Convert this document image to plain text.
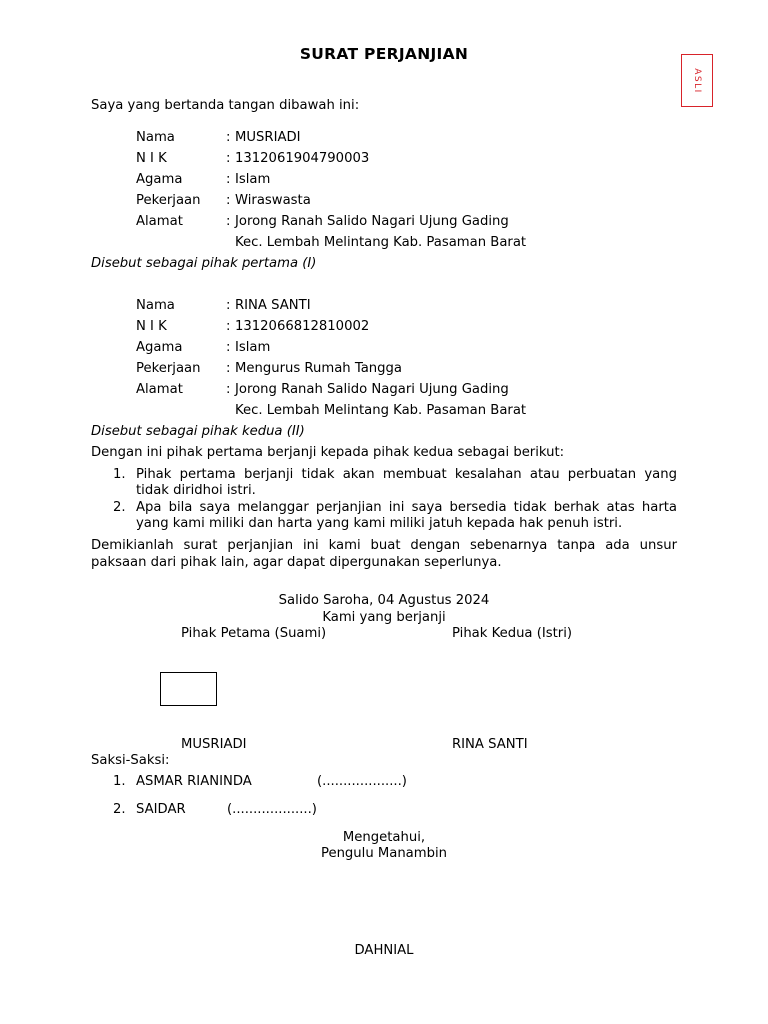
SURAT PERJANJIAN
ASLI
Saya yang bertanda tangan dibawah ini:
Nama	: MUSRIADI
N I K	: 1312061904790003
Agama	: Islam
Pekerjaan : Wiraswasta
Alamat	: Jorong Ranah Salido Nagari Ujung Gading
Kec. Lembah Melintang Kab. Pasaman Barat
Disebut sebagai pihak pertama (I)
Nama	: RINA SANTI
N I K	: 1312066812810002
Agama	: Islam
Pekerjaan : Mengurus Rumah Tangga
Alamat	: Jorong Ranah Salido Nagari Ujung Gading
Kec. Lembah Melintang Kab. Pasaman Barat
Disebut sebagai pihak kedua (II)
Dengan ini pihak pertama berjanji kepada pihak kedua sebagai berikut:
1. Pihak pertama berjanji tidak akan membuat kesalahan atau perbuatan yang tidak diridhoi istri.
2. Apa bila saya melanggar perjanjian ini saya bersedia tidak berhak atas harta yang kami miliki dan harta yang kami miliki jatuh kepada hak penuh istri.
Demikianlah surat perjanjian ini kami buat dengan sebenarnya tanpa ada unsur paksaan dari pihak lain, agar dapat dipergunakan seperlunya.
Salido Saroha, 04 Agustus 2024
Kami yang berjanji
Pihak Petama (Suami)	Pihak Kedua (Istri)
MUSRIADI	RINA SANTI
Saksi-Saksi:
1. ASMAR RIANINDA	(...................)
2. SAIDAR	(...................)
Mengetahui,
Pengulu Manambin
DAHNIAL
